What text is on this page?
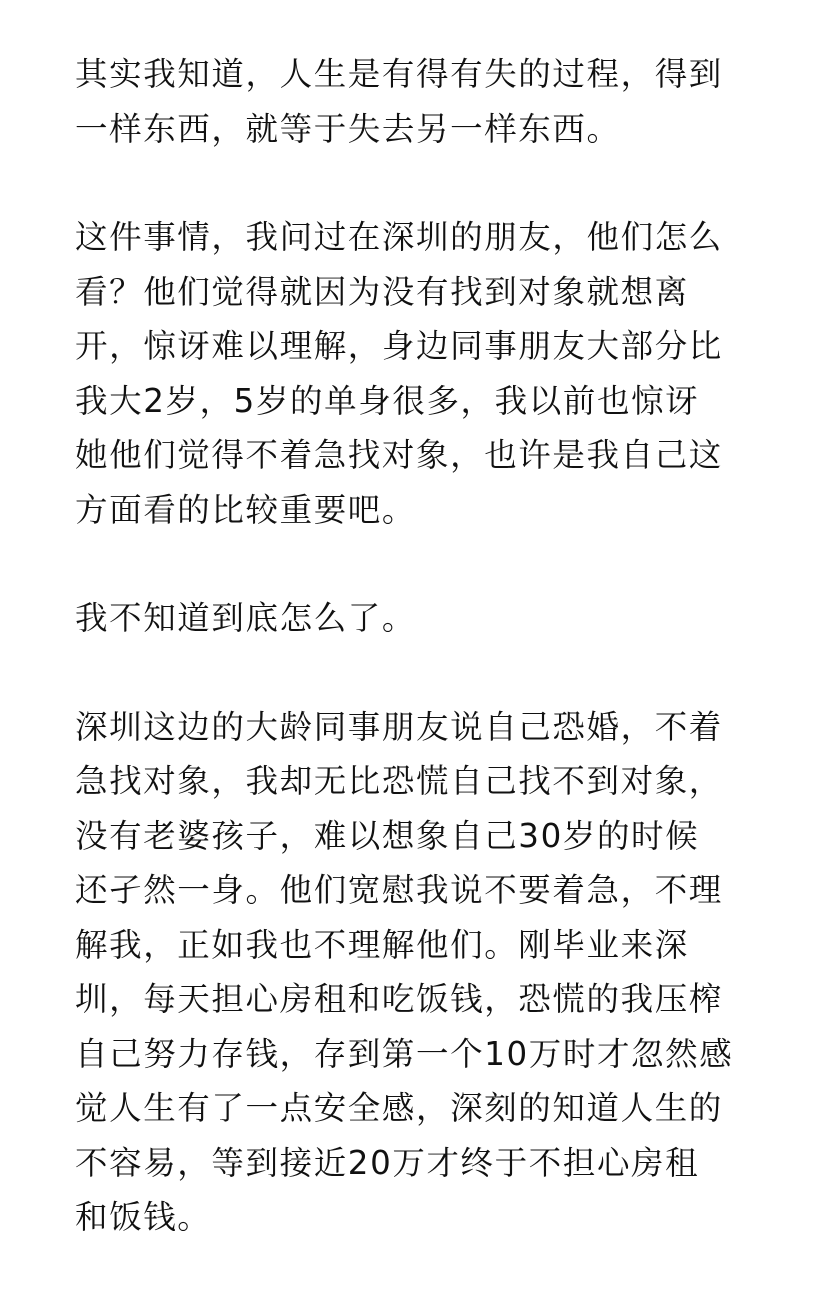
其实我知道，人生是有得有失的过程，得到
一样东西，就等于失去另一样东西。

这件事情，我问过在深圳的朋友，他们怎么
看？他们觉得就因为没有找到对象就想离
开，惊讶难以理解，身边同事朋友大部分比
我大2岁，5岁的单身很多，我以前也惊讶
她他们觉得不着急找对象，也许是我自己这
方面看的比较重要吧。

我不知道到底怎么了。

深圳这边的大龄同事朋友说自己恐婚，不着
急找对象，我却无比恐慌自己找不到对象，
没有老婆孩子，难以想象自己30岁的时候
还孑然一身。他们宽慰我说不要着急，不理
解我，正如我也不理解他们。刚毕业来深
圳，每天担心房租和吃饭钱，恐慌的我压榨
自己努力存钱，存到第一个10万时才忽然感
觉人生有了一点安全感，深刻的知道人生的
不容易，等到接近20万才终于不担心房租
和饭钱。
